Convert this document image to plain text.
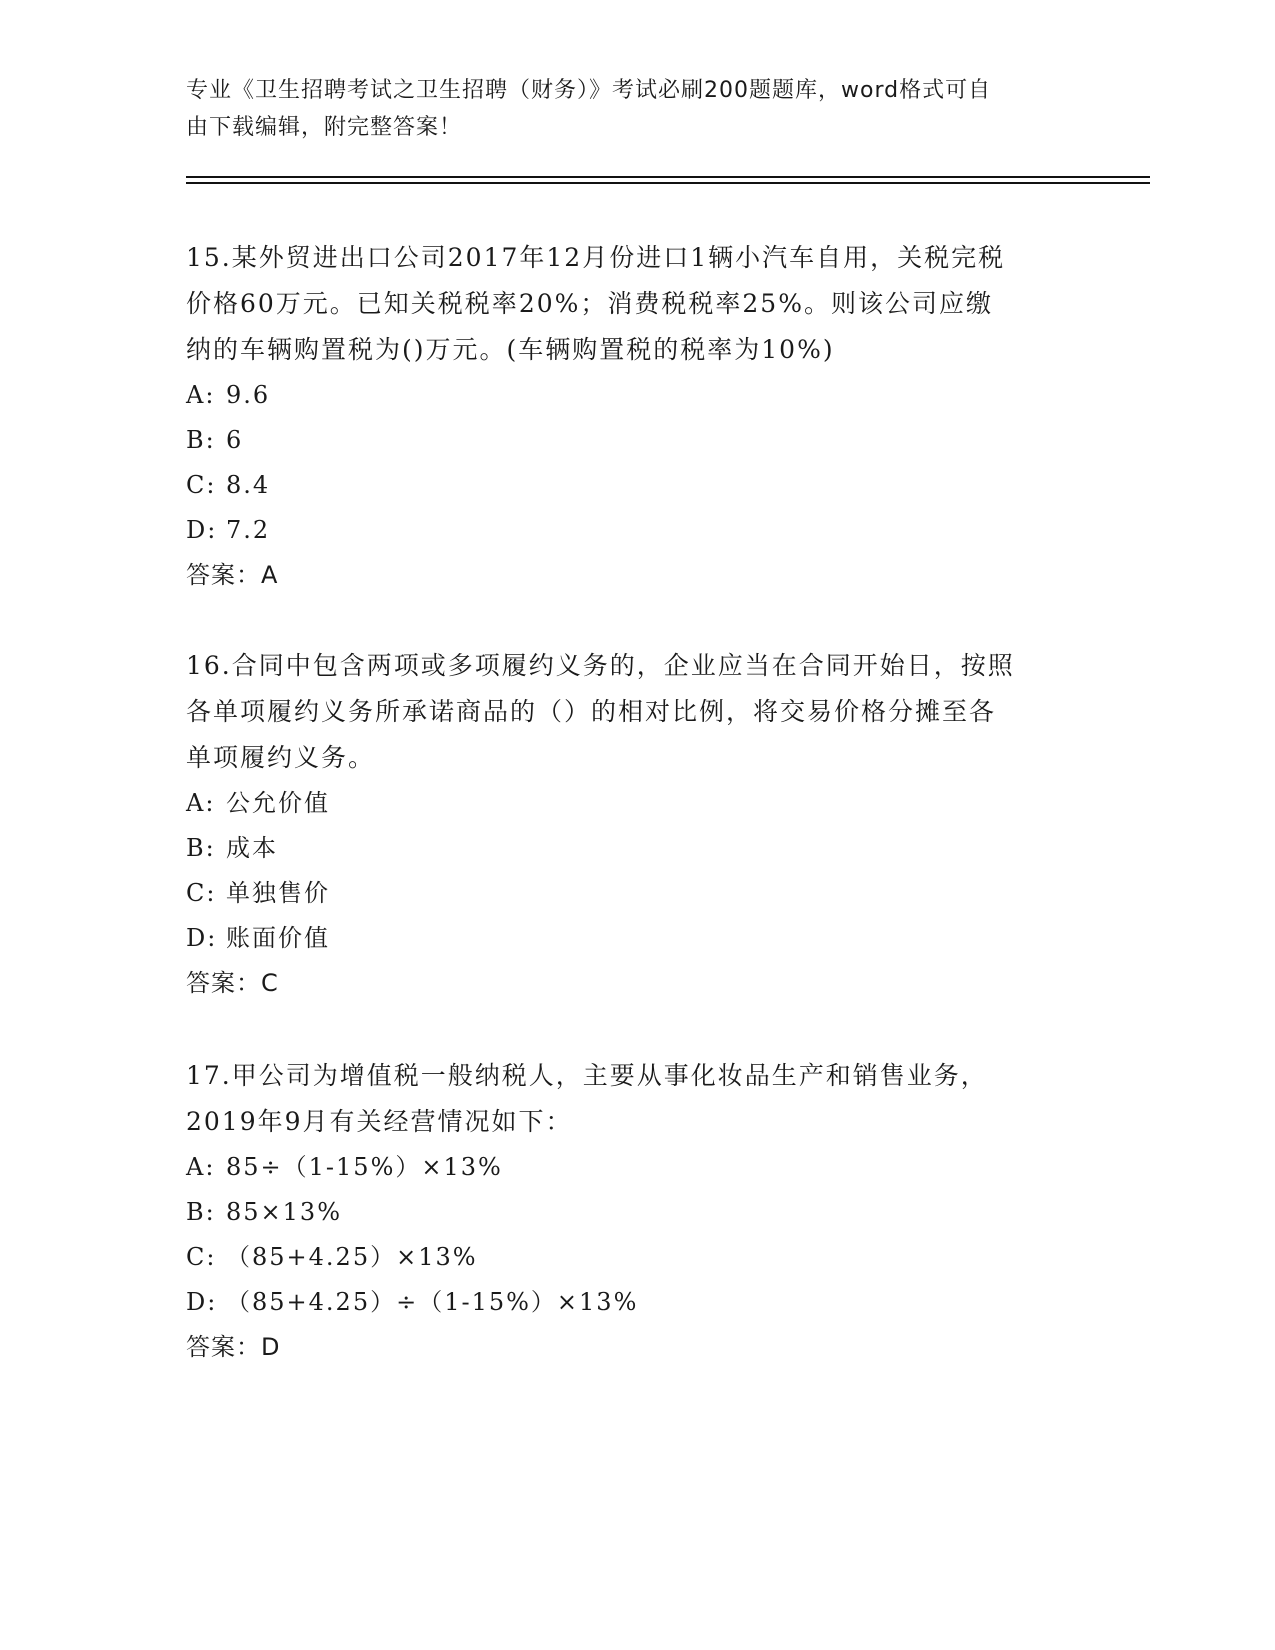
专业《卫生招聘考试之卫生招聘（财务）》考试必刷200题题库，word格式可自
由下载编辑，附完整答案！
15.某外贸进出口公司2017年12月份进口1辆小汽车自用，关税完税
价格60万元。已知关税税率20%；消费税税率25%。则该公司应缴
纳的车辆购置税为()万元。(车辆购置税的税率为10%)
A: 9.6
B: 6
C: 8.4
D: 7.2
答案：A
16.合同中包含两项或多项履约义务的，企业应当在合同开始日，按照
各单项履约义务所承诺商品的（）的相对比例，将交易价格分摊至各
单项履约义务。
A: 公允价值
B: 成本
C: 单独售价
D: 账面价值
答案：C
17.甲公司为增值税一般纳税人，主要从事化妆品生产和销售业务，
2019年9月有关经营情况如下：
A: 85÷（1-15%）×13%
B: 85×13%
C: （85+4.25）×13%
D: （85+4.25）÷（1-15%）×13%
答案：D
